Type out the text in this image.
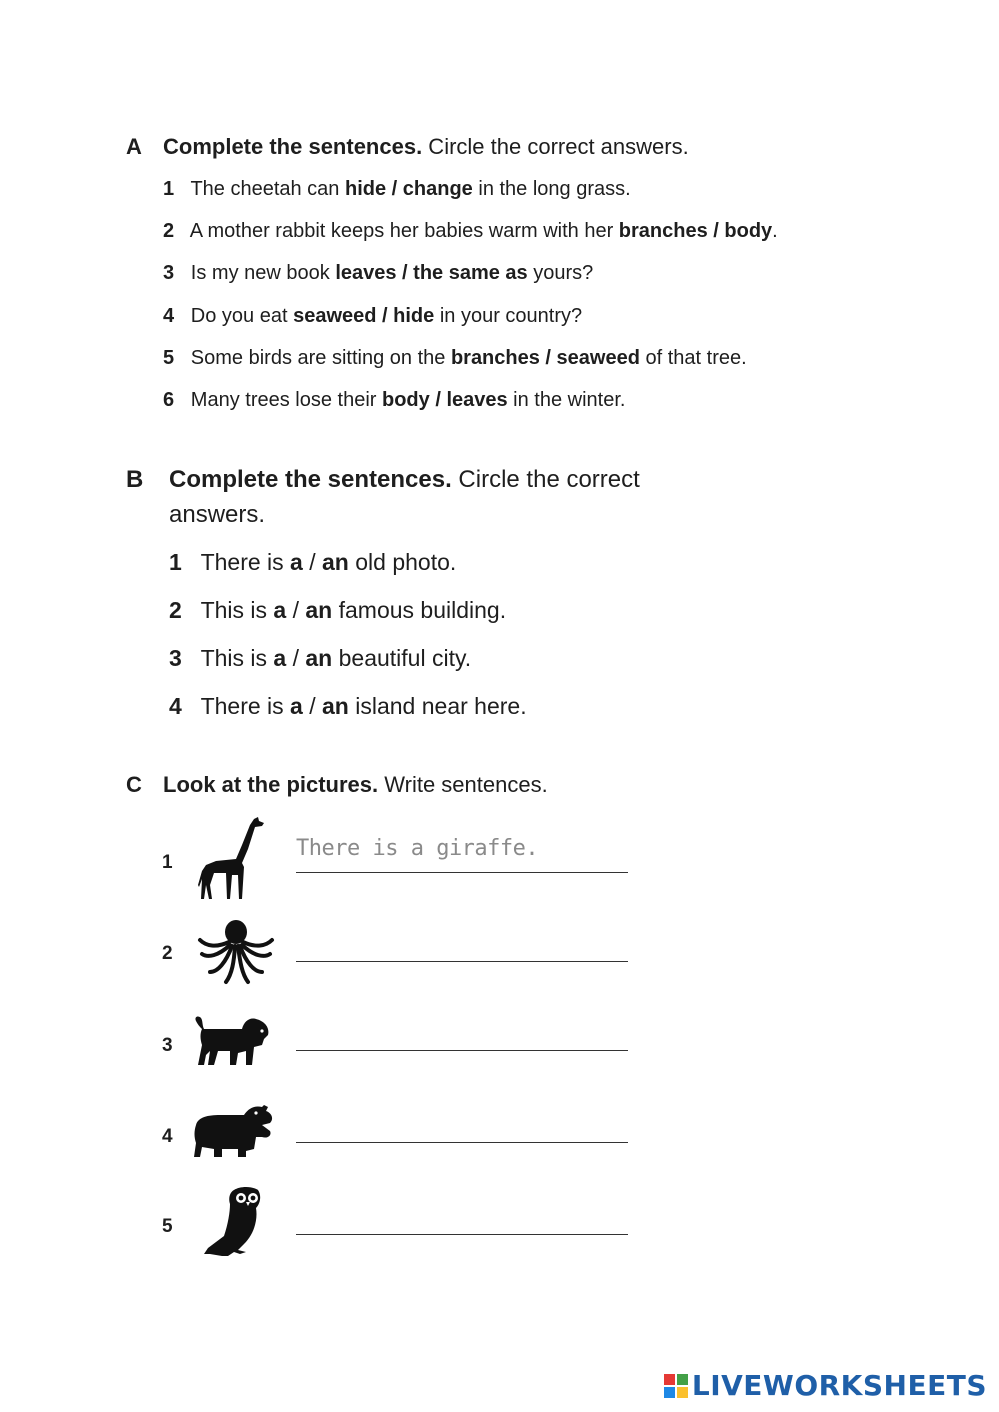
A Complete the sentences. Circle the correct answers.
1 The cheetah can hide / change in the long grass.
2 A mother rabbit keeps her babies warm with her branches / body.
3 Is my new book leaves / the same as yours?
4 Do you eat seaweed / hide in your country?
5 Some birds are sitting on the branches / seaweed of that tree.
6 Many trees lose their body / leaves in the winter.
B Complete the sentences. Circle the correct
answers.
1 There is a / an old photo.
2 This is a / an famous building.
3 This is a / an beautiful city.
4 There is a / an island near here.
C Look at the pictures. Write sentences.
1
There is a giraffe.
2
3
4
5
LIVEWORKSHEETS
